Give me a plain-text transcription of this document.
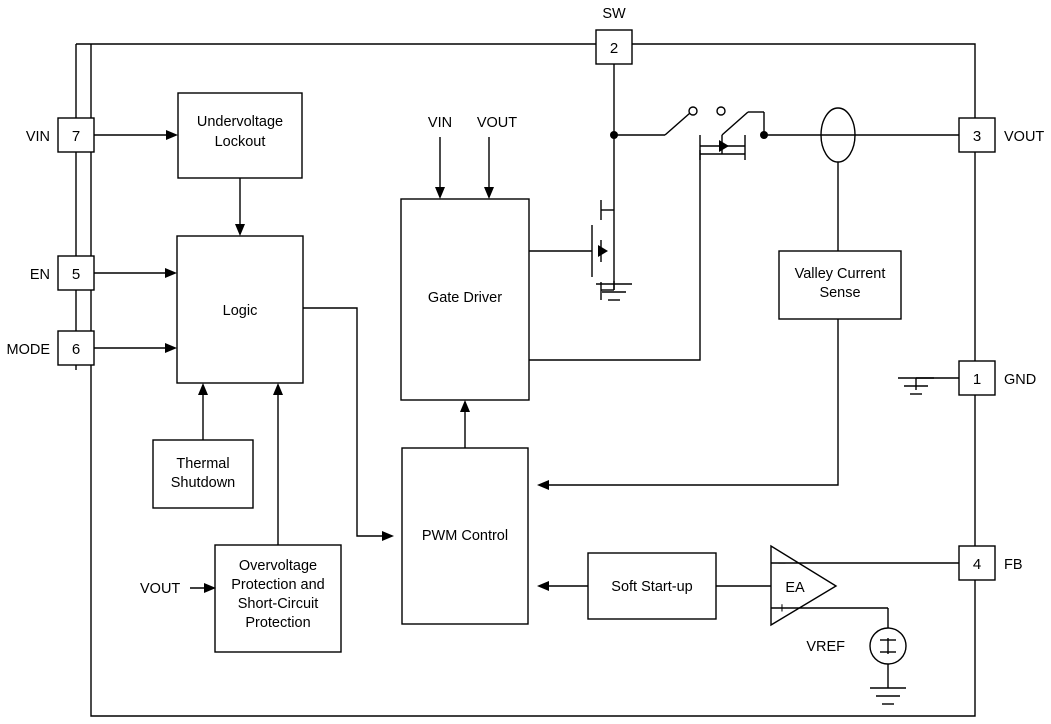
7
VIN
5
EN
6
MODE
Undervoltage
Lockout
Logic
Thermal
Shutdown
Overvoltage
Protection and
Short-Circuit
Protection
VOUT
Gate Driver
VIN VOUT
PWM Control
2
SW
3 VOUT
Valley Current
Sense
1 GND
Soft Start-up	EA
−
+
4 FB
VREF
